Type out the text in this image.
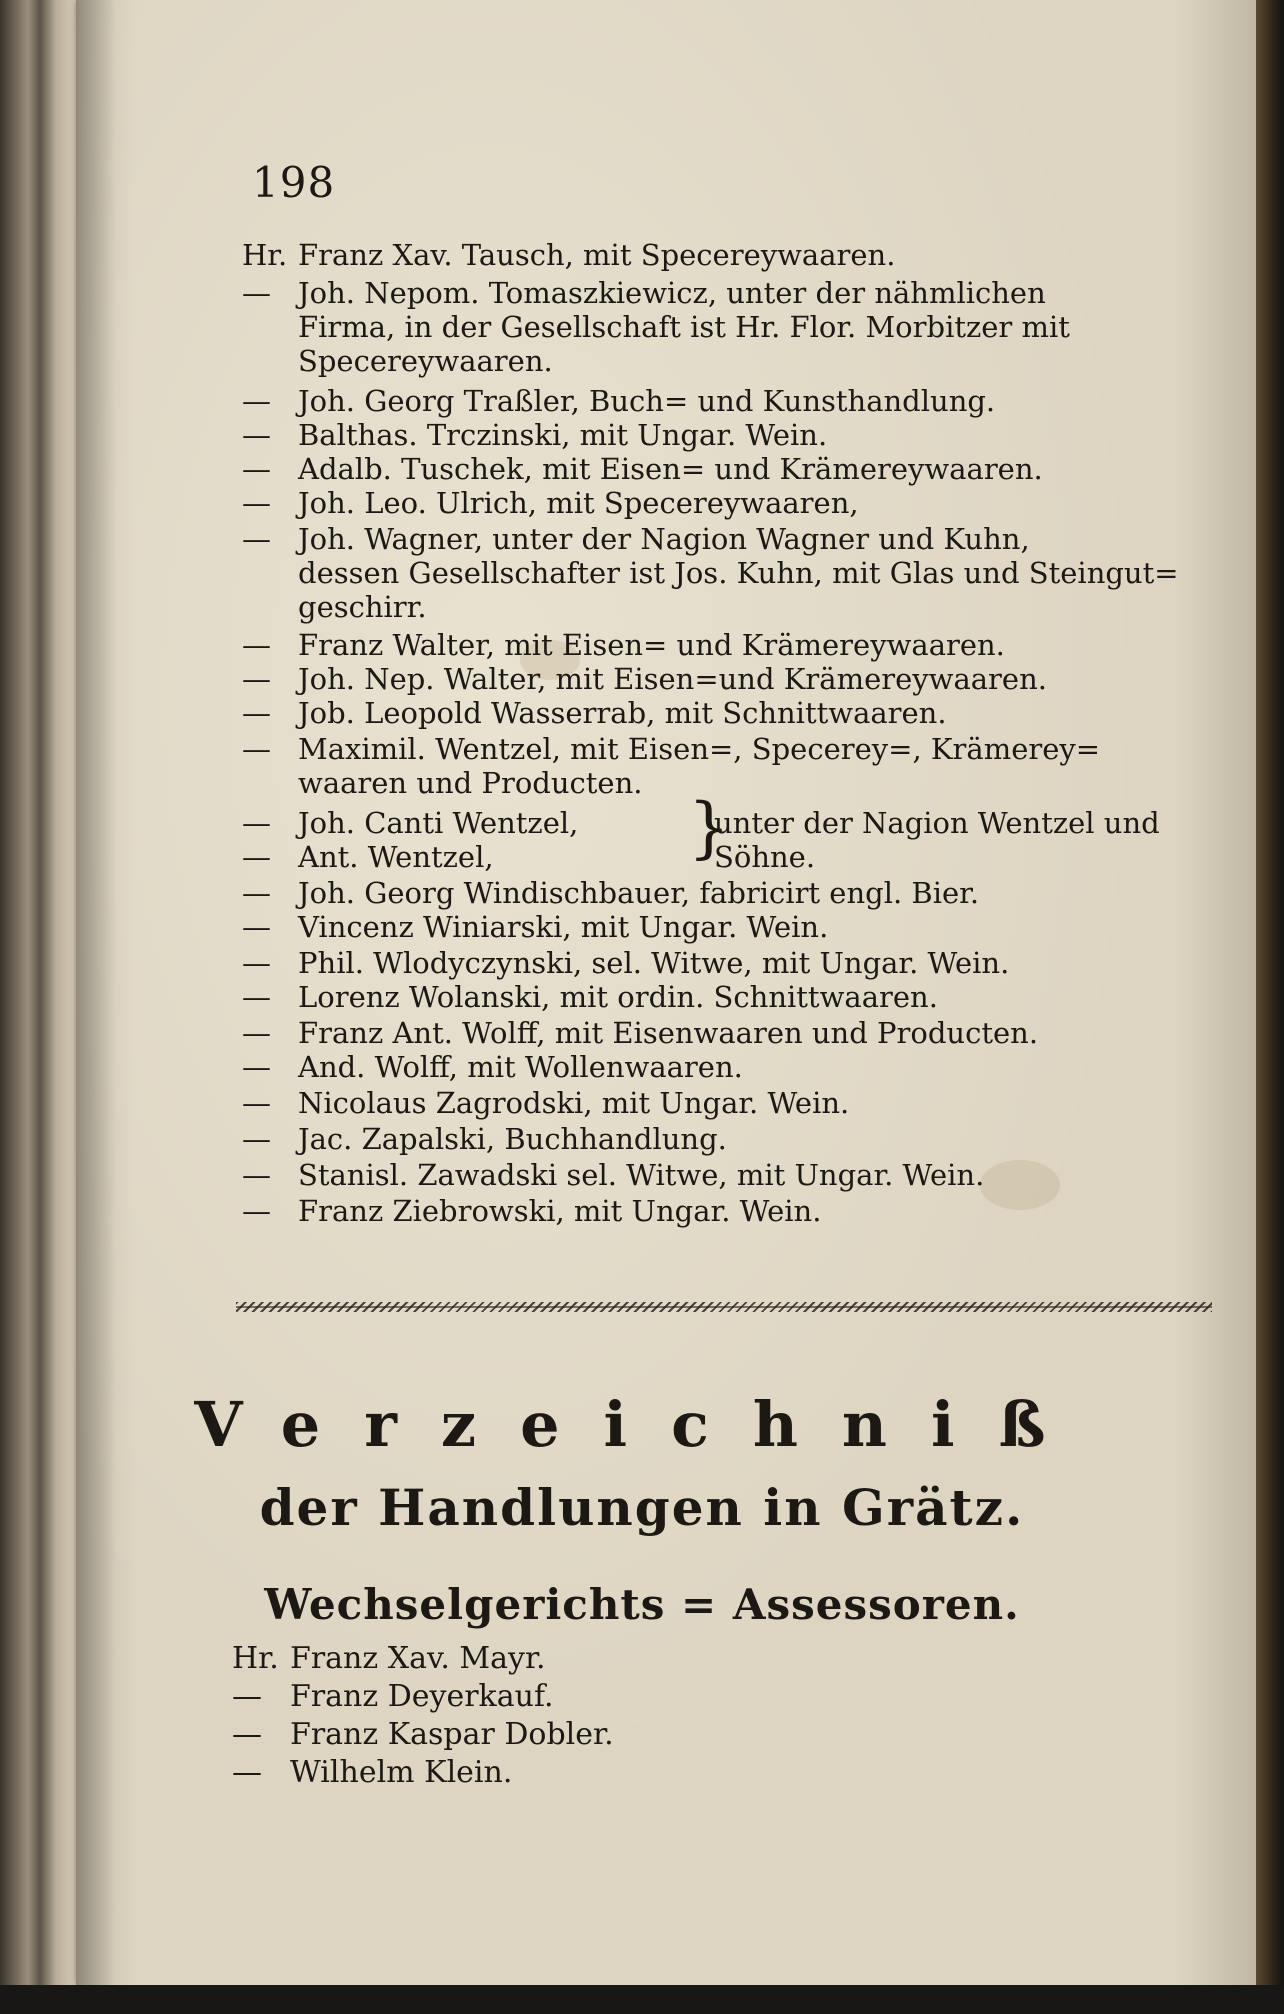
198
Hr. Franz Xav. Tausch, mit Specereywaaren.
— Joh. Nepom. Tomaszkiewicz, unter der nähmlichen
Firma, in der Gesellschaft ist Hr. Flor. Morbitzer mit
Specereywaaren.
— Joh. Georg Traßler, Buch= und Kunsthandlung.
— Balthas. Trczinski, mit Ungar. Wein.
— Adalb. Tuschek, mit Eisen= und Krämereywaaren.
— Joh. Leo. Ulrich, mit Specereywaaren,
— Joh. Wagner, unter der Nagion Wagner und Kuhn,
dessen Gesellschafter ist Jos. Kuhn, mit Glas und Steingut=
geschirr.
— Franz Walter, mit Eisen= und Krämereywaaren.
— Joh. Nep. Walter, mit Eisen=und Krämereywaaren.
— Job. Leopold Wasserrab, mit Schnittwaaren.
— Maximil. Wentzel, mit Eisen=, Specerey=, Krämerey=
waaren und Producten.
— Joh. Canti Wentzel,
— Ant. Wentzel,	}
unter der Nagion Wentzel und
Söhne.
— Joh. Georg Windischbauer, fabricirt engl. Bier.
— Vincenz Winiarski, mit Ungar. Wein.
— Phil. Wlodyczynski, sel. Witwe, mit Ungar. Wein.
— Lorenz Wolanski, mit ordin. Schnittwaaren.
— Franz Ant. Wolff, mit Eisenwaaren und Producten.
— And. Wolff, mit Wollenwaaren.
— Nicolaus Zagrodski, mit Ungar. Wein.
— Jac. Zapalski, Buchhandlung.
— Stanisl. Zawadski sel. Witwe, mit Ungar. Wein.
— Franz Ziebrowski, mit Ungar. Wein.
Verzeichniß
der Handlungen in Grätz.
Wechselgerichts = Assessoren.
Hr. Franz Xav. Mayr.
— Franz Deyerkauf.
— Franz Kaspar Dobler.
— Wilhelm Klein.
